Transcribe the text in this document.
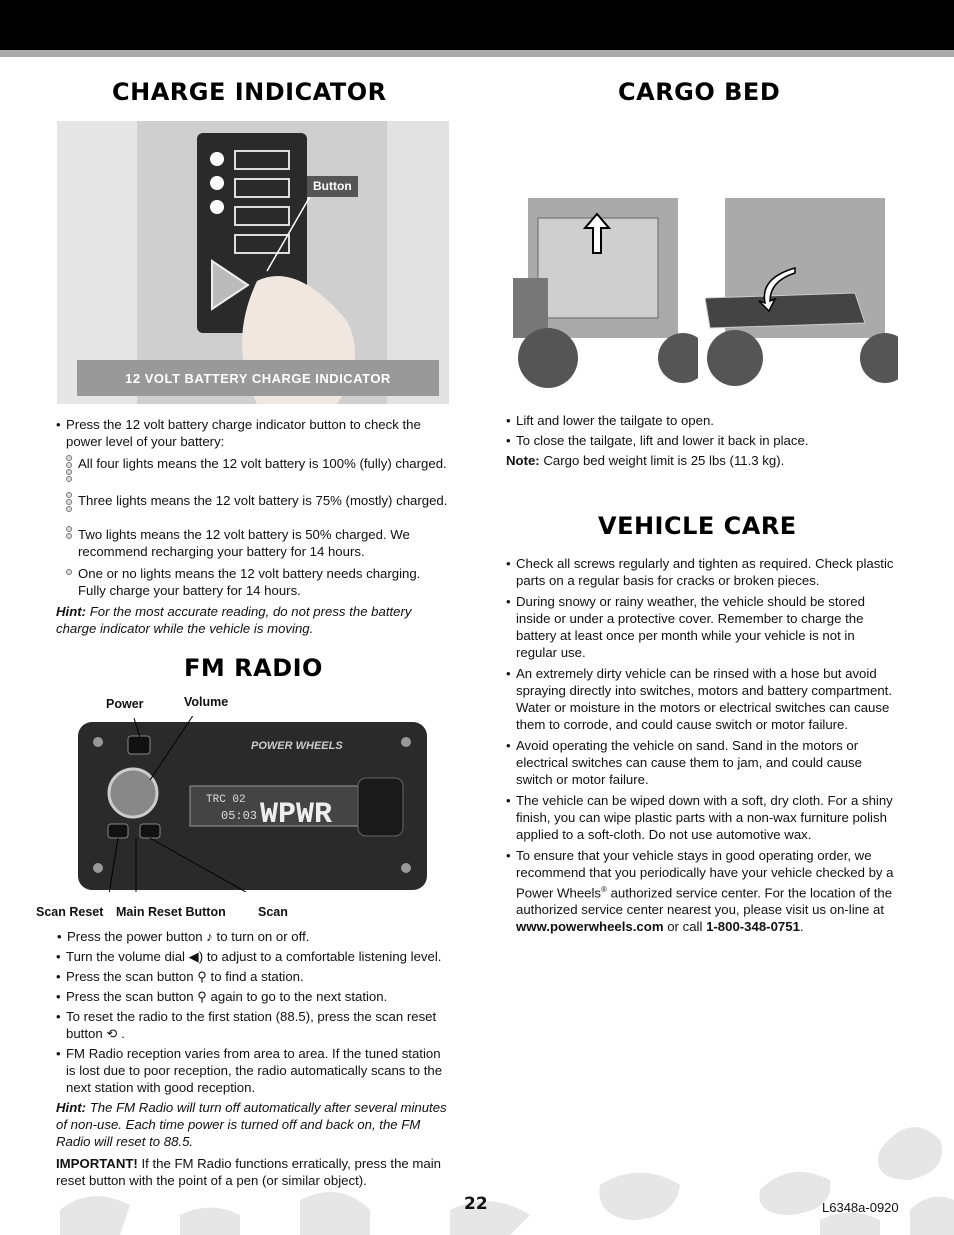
CHARGE INDICATOR	CARGO BED
Button
12 VOLT BATTERY CHARGE INDICATOR
• Press the 12 volt battery charge indicator button to check the power level of your battery:
All four lights means the 12 volt battery is 100% (fully) charged.
Three lights means the 12 volt battery is 75% (mostly) charged.
Two lights means the 12 volt battery is 50% charged. We recommend recharging your battery for 14 hours.
One or no lights means the 12 volt battery needs charging. Fully charge your battery for 14 hours.
Hint: For the most accurate reading, do not press the battery charge indicator while the vehicle is moving.
• Lift and lower the tailgate to open.
• To close the tailgate, lift and lower it back in place.
Note: Cargo bed weight limit is 25 lbs (11.3 kg).
VEHICLE CARE
• Check all screws regularly and tighten as required. Check plastic parts on a regular basis for cracks or broken pieces.
• During snowy or rainy weather, the vehicle should be stored inside or under a protective cover. Remember to charge the battery at least once per month while your vehicle is not in regular use.
• An extremely dirty vehicle can be rinsed with a hose but avoid spraying directly into switches, motors and battery compartment. Water or moisture in the motors or electrical switches can cause them to corrode, and could cause switch or motor failure.
• Avoid operating the vehicle on sand. Sand in the motors or electrical switches can cause them to jam, and could cause switch or motor failure.
• The vehicle can be wiped down with a soft, dry cloth. For a shiny finish, you can wipe plastic parts with a non-wax furniture polish applied to a soft-cloth. Do not use automotive wax.
• To ensure that your vehicle stays in good operating order, we recommend that you periodically have your vehicle checked by a Power Wheels® authorized service center. For the location of the authorized service center nearest you, please visit us on-line at www.powerwheels.com or call 1-800-348-0751.
FM RADIO
Power	Volume
POWER WHEELS
TRC 02
05:03 WPWR
Scan Reset Main Reset Button	Scan
• Press the power button ♪ to turn on or off.
• Turn the volume dial ◀) to adjust to a comfortable listening level.
• Press the scan button ⚲ to find a station.
• Press the scan button ⚲ again to go to the next station.
• To reset the radio to the first station (88.5), press the scan reset button ⟲ .
• FM Radio reception varies from area to area. If the tuned station is lost due to poor reception, the radio automatically scans to the next station with good reception.
Hint: The FM Radio will turn off automatically after several minutes of non-use. Each time power is turned off and back on, the FM Radio will reset to 88.5.
IMPORTANT! If the FM Radio functions erratically, press the main reset button with the point of a pen (or similar object).
22	L6348a-0920
